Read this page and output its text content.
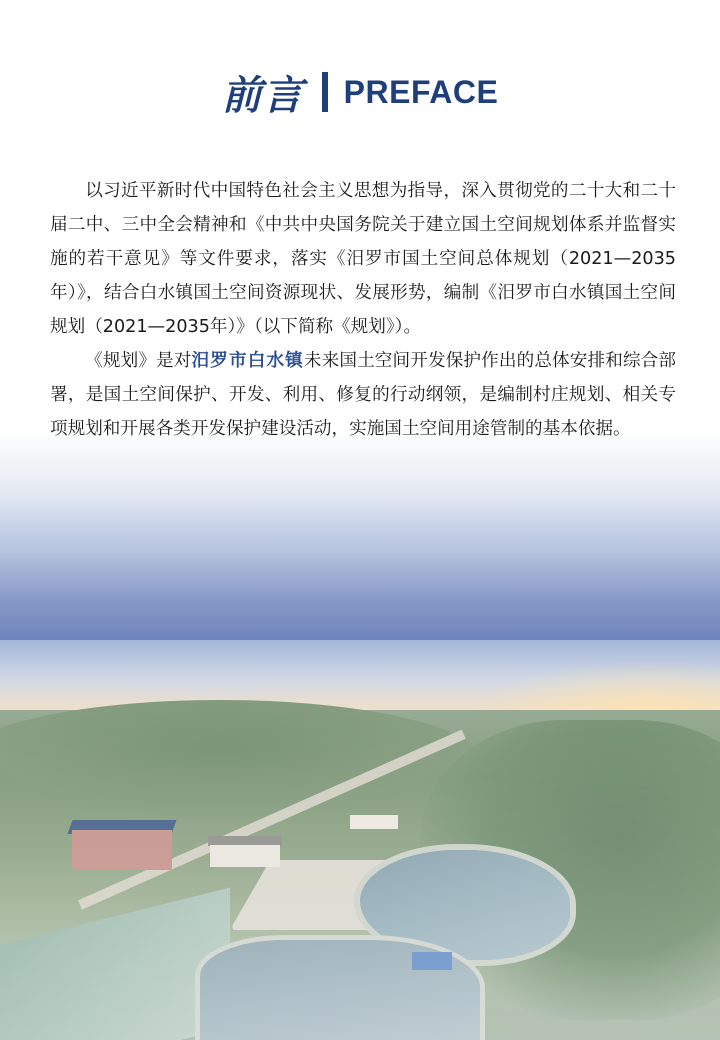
前言 PREFACE

以习近平新时代中国特色社会主义思想为指导，深入贯彻党的二十大和二十届二中、三中全会精神和《中共中央国务院关于建立国土空间规划体系并监督实施的若干意见》等文件要求，落实《汨罗市国土空间总体规划（2021—2035年）》，结合白水镇国土空间资源现状、发展形势，编制《汨罗市白水镇国土空间规划（2021—2035年）》（以下简称《规划》）。

《规划》是对汨罗市白水镇未来国土空间开发保护作出的总体安排和综合部署，是国土空间保护、开发、利用、修复的行动纲领，是编制村庄规划、相关专项规划和开展各类开发保护建设活动，实施国土空间用途管制的基本依据。
